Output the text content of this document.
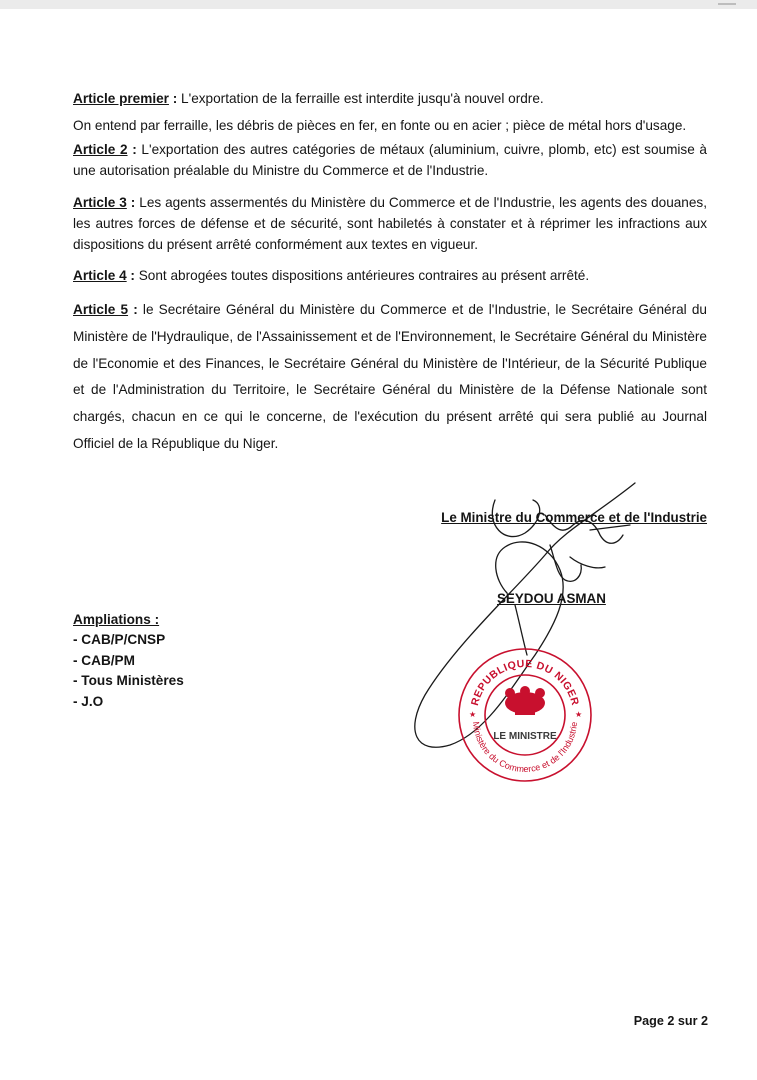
Article premier : L'exportation de la ferraille est interdite jusqu'à nouvel ordre.

On entend par ferraille, les débris de pièces en fer, en fonte ou en acier ; pièce de métal hors d'usage.

Article 2 : L'exportation des autres catégories de métaux (aluminium, cuivre, plomb, etc) est soumise à une autorisation préalable du Ministre du Commerce et de l'Industrie.

Article 3 : Les agents assermentés du Ministère du Commerce et de l'Industrie, les agents des douanes, les autres forces de défense et de sécurité, sont habiletés à constater et à réprimer les infractions aux dispositions du présent arrêté conformément aux textes en vigueur.

Article 4 : Sont abrogées toutes dispositions antérieures contraires au présent arrêté.

Article 5 : le Secrétaire Général du Ministère du Commerce et de l'Industrie, le Secrétaire Général du Ministère de l'Hydraulique, de l'Assainissement et de l'Environnement, le Secrétaire Général du Ministère de l'Economie et des Finances, le Secrétaire Général du Ministère de l'Intérieur, de la Sécurité Publique et de l'Administration du Territoire, le Secrétaire Général du Ministère de la Défense Nationale sont chargés, chacun en ce qui le concerne, de l'exécution du présent arrêté qui sera publié au Journal Officiel de la République du Niger.

Le Ministre du Commerce et de l'Industrie

SEYDOU ASMAN

Ampliations :

- CAB/P/CNSP
- CAB/PM
- Tous Ministères
- J.O	REPUBLIQUE DU NIGER
Ministère du Commerce et de l'Industrie
LE MINISTRE
★	★

Page 2 sur 2
